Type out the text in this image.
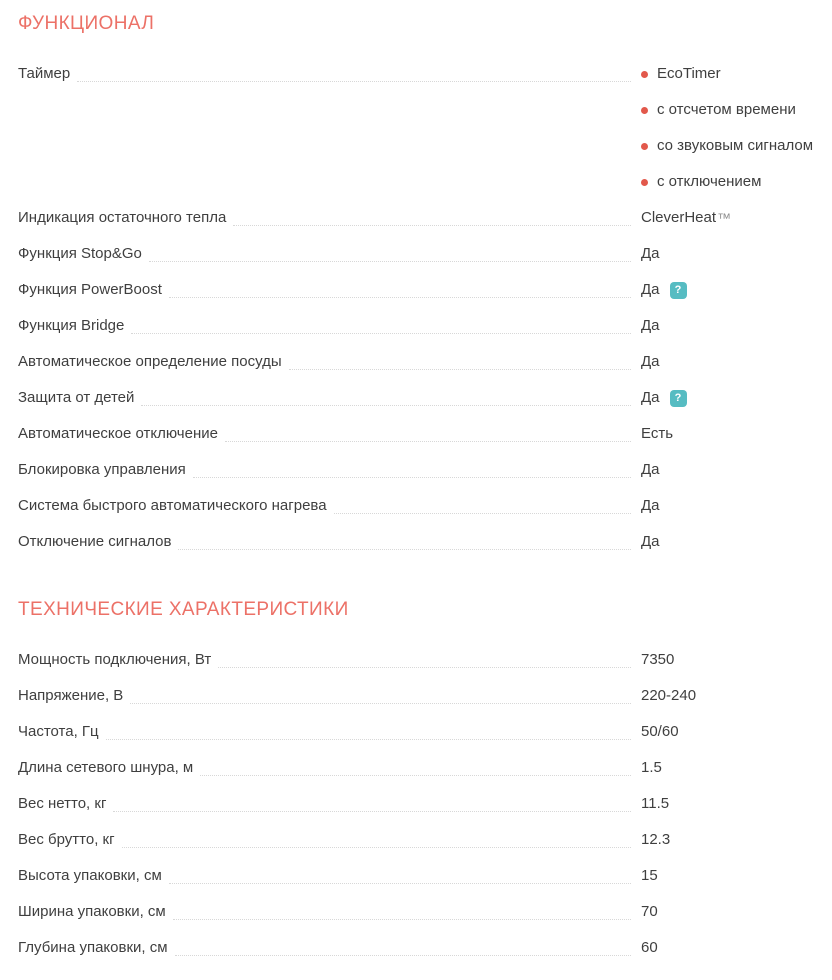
ФУНКЦИОНАЛ
Таймер	EcoTimer
с отсчетом времени
со звуковым сигналом
с отключением
Индикация остаточного тепла	CleverHeat ™
Функция Stop&Go	Да
Функция PowerBoost	Да	?
Функция Bridge	Да
Автоматическое определение посуды	Да
Защита от детей	Да	?
Автоматическое отключение	Есть
Блокировка управления	Да
Система быстрого автоматического нагрева	Да
Отключение сигналов	Да
ТЕХНИЧЕСКИЕ ХАРАКТЕРИСТИКИ
Мощность подключения, Вт	7350
Напряжение, В	220-240
Частота, Гц	50/60
Длина сетевого шнура, м	1.5
Вес нетто, кг	11.5
Вес брутто, кг	12.3
Высота упаковки, см	15
Ширина упаковки, см	70
Глубина упаковки, см	60
